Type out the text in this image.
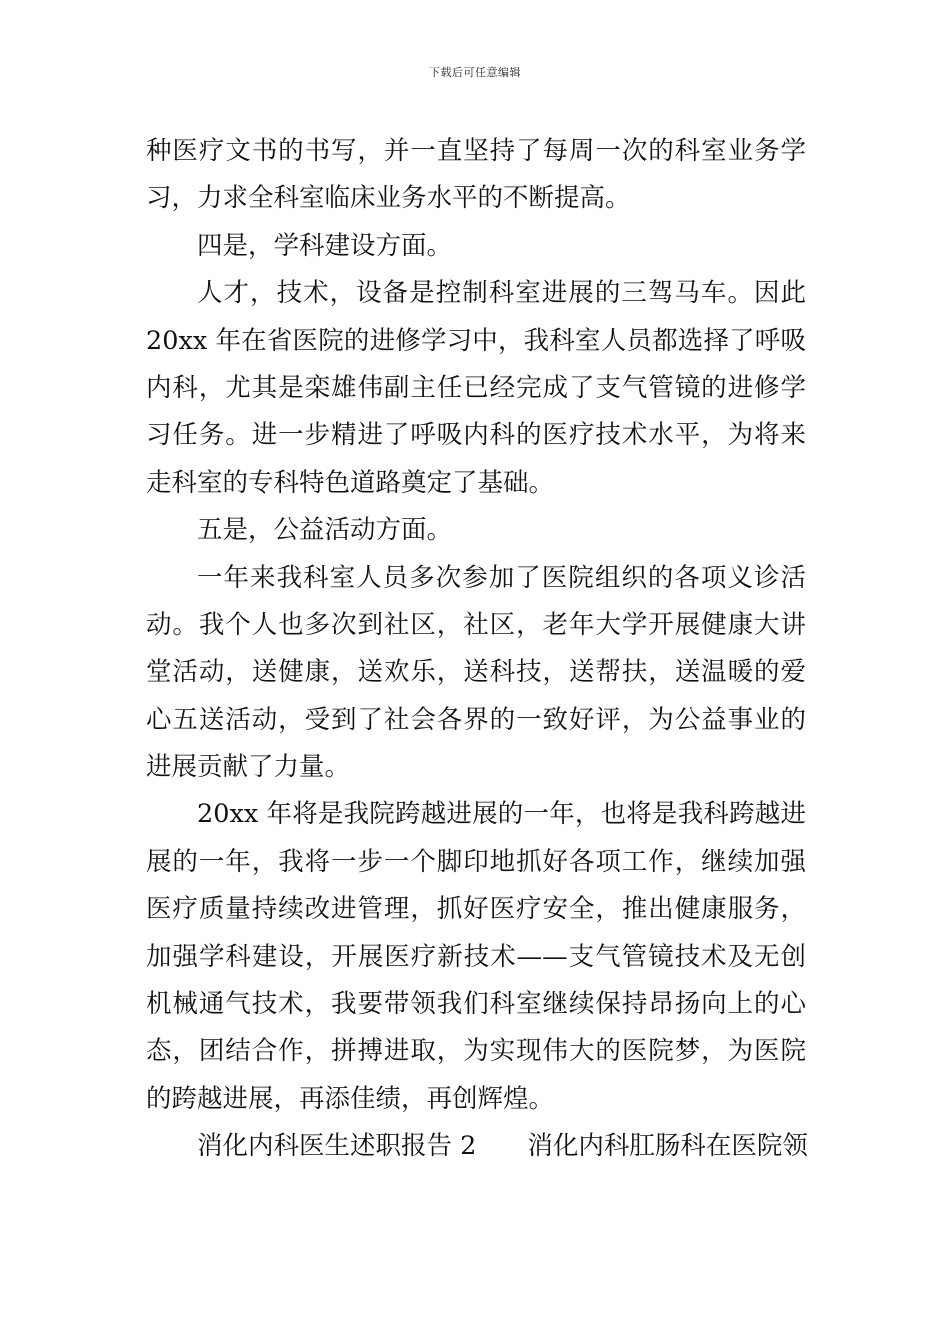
下载后可任意编辑
种医疗文书的书写，并一直坚持了每周一次的科室业务学
习，力求全科室临床业务水平的不断提高。
四是，学科建设方面。
人才，技术，设备是控制科室进展的三驾马车。因此
20xx 年在省医院的进修学习中，我科室人员都选择了呼吸
内科，尤其是栾雄伟副主任已经完成了支气管镜的进修学
习任务。进一步精进了呼吸内科的医疗技术水平，为将来
走科室的专科特色道路奠定了基础。
五是，公益活动方面。
一年来我科室人员多次参加了医院组织的各项义诊活
动。我个人也多次到社区，社区，老年大学开展健康大讲
堂活动，送健康，送欢乐，送科技，送帮扶，送温暖的爱
心五送活动，受到了社会各界的一致好评，为公益事业的
进展贡献了力量。
20xx 年将是我院跨越进展的一年，也将是我科跨越进
展的一年，我将一步一个脚印地抓好各项工作，继续加强
医疗质量持续改进管理，抓好医疗安全，推出健康服务，
加强学科建设，开展医疗新技术——支气管镜技术及无创
机械通气技术，我要带领我们科室继续保持昂扬向上的心
态，团结合作，拼搏进取，为实现伟大的医院梦，为医院
的跨越进展，再添佳绩，再创辉煌。
消化内科医生述职报告 2　　消化内科肛肠科在医院领
